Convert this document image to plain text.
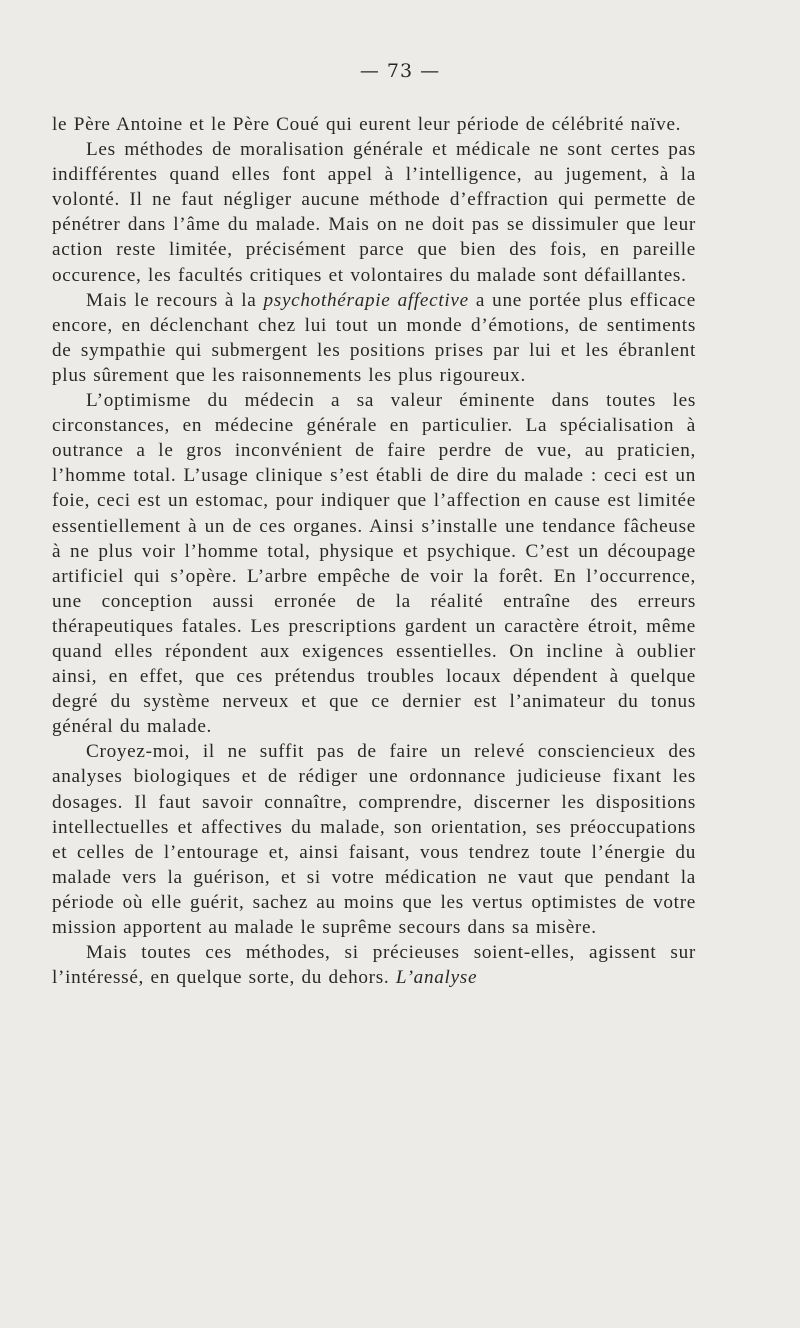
— 73 —

le Père Antoine et le Père Coué qui eurent leur période de célébrité naïve.

Les méthodes de moralisation générale et médicale ne sont certes pas indifférentes quand elles font appel à l’intelligence, au jugement, à la volonté. Il ne faut négliger aucune méthode d’effraction qui permette de pénétrer dans l’âme du malade. Mais on ne doit pas se dissimuler que leur action reste limitée, précisément parce que bien des fois, en pareille occurence, les facultés critiques et volontaires du malade sont défaillantes.

Mais le recours à la psychothérapie affective a une portée plus efficace encore, en déclenchant chez lui tout un monde d’émotions, de sentiments de sympathie qui submergent les positions prises par lui et les ébranlent plus sûrement que les raisonnements les plus rigoureux.

L’optimisme du médecin a sa valeur éminente dans toutes les circonstances, en médecine générale en particulier. La spécialisation à outrance a le gros inconvénient de faire perdre de vue, au praticien, l’homme total. L’usage clinique s’est établi de dire du malade : ceci est un foie, ceci est un estomac, pour indiquer que l’affection en cause est limitée essentiellement à un de ces organes. Ainsi s’installe une tendance fâcheuse à ne plus voir l’homme total, physique et psychique. C’est un découpage artificiel qui s’opère. L’arbre empêche de voir la forêt. En l’occurrence, une conception aussi erronée de la réalité entraîne des erreurs thérapeutiques fatales. Les prescriptions gardent un caractère étroit, même quand elles répondent aux exigences essentielles. On incline à oublier ainsi, en effet, que ces prétendus troubles locaux dépendent à quelque degré du système nerveux et que ce dernier est l’animateur du tonus général du malade.

Croyez-moi, il ne suffit pas de faire un relevé consciencieux des analyses biologiques et de rédiger une ordonnance judicieuse fixant les dosages. Il faut savoir connaître, comprendre, discerner les dispositions intellectuelles et affectives du malade, son orientation, ses préoccupations et celles de l’entourage et, ainsi faisant, vous tendrez toute l’énergie du malade vers la guérison, et si votre médication ne vaut que pendant la période où elle guérit, sachez au moins que les vertus optimistes de votre mission apportent au malade le suprême secours dans sa misère.

Mais toutes ces méthodes, si précieuses soient-elles, agissent sur l’intéressé, en quelque sorte, du dehors. L’analyse
